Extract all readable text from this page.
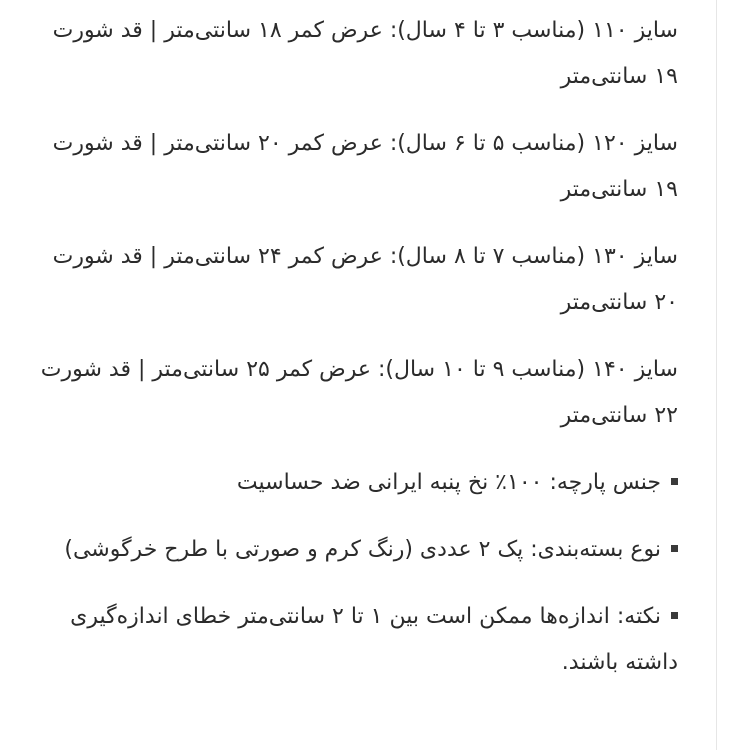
سایز ۱۱۰ (مناسب ۳ تا ۴ سال): عرض کمر ۱۸ سانتی‌متر | قد شورت ۱۹ سانتی‌متر

سایز ۱۲۰ (مناسب ۵ تا ۶ سال): عرض کمر ۲۰ سانتی‌متر | قد شورت ۱۹ سانتی‌متر

سایز ۱۳۰ (مناسب ۷ تا ۸ سال): عرض کمر ۲۴ سانتی‌متر | قد شورت ۲۰ سانتی‌متر

سایز ۱۴۰ (مناسب ۹ تا ۱۰ سال): عرض کمر ۲۵ سانتی‌متر | قد شورت ۲۲ سانتی‌متر

جنس پارچه: ۱۰۰٪ نخ پنبه ایرانی ضد حساسیت

نوع بسته‌بندی: پک ۲ عددی (رنگ کرم و صورتی با طرح خرگوشی)

نکته: اندازه‌ها ممکن است بین ۱ تا ۲ سانتی‌متر خطای اندازه‌گیری داشته باشند.
